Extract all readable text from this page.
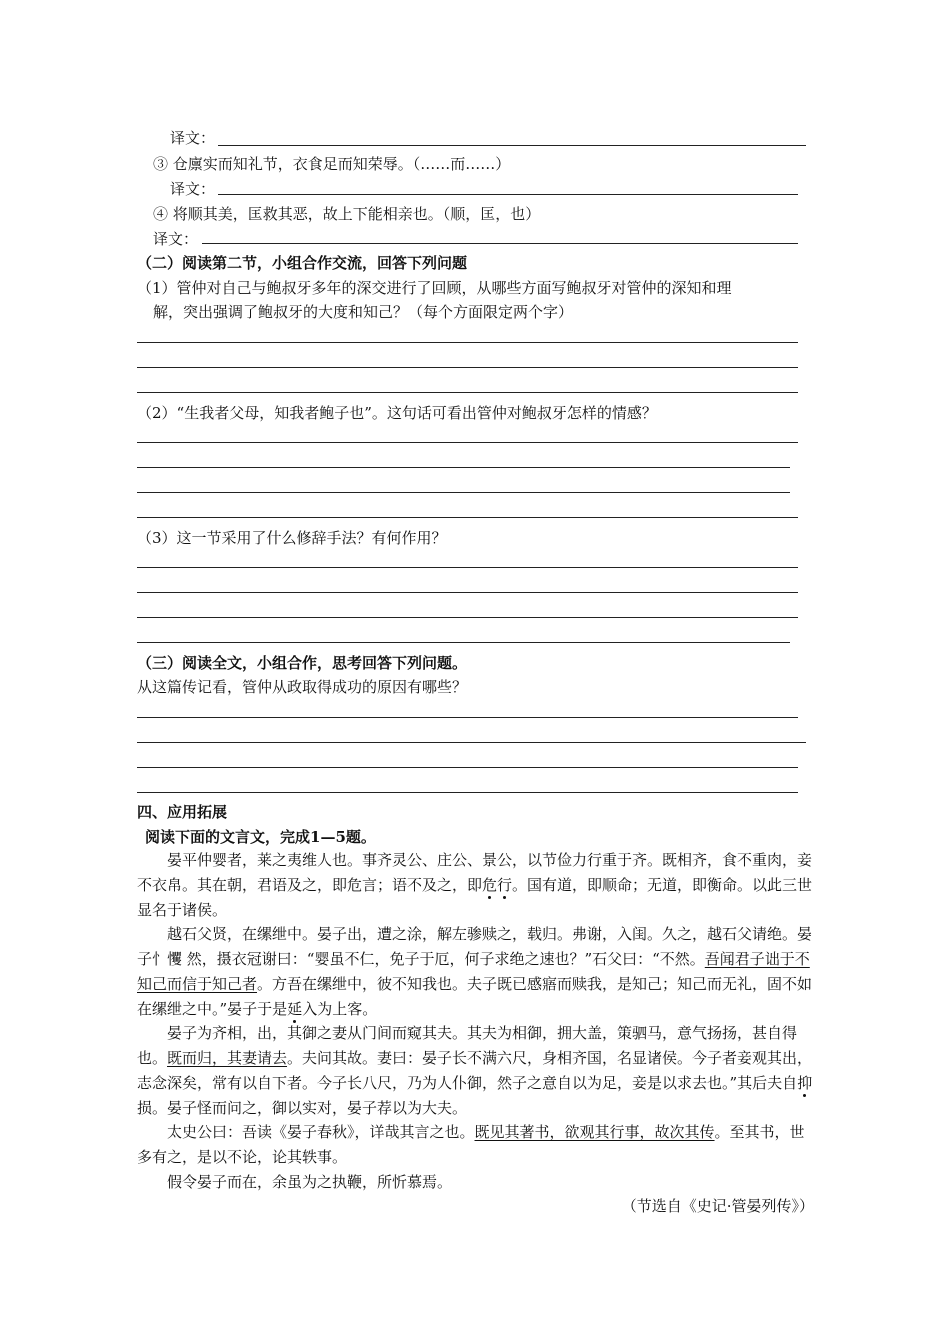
译文：
③ 仓廪实而知礼节，衣食足而知荣辱。（……而……）
译文：
④ 将顺其美，匡救其恶，故上下能相亲也。（顺，匡，也）
译文：
（二）阅读第二节，小组合作交流，回答下列问题
（1）管仲对自己与鲍叔牙多年的深交进行了回顾，从哪些方面写鲍叔牙对管仲的深知和理
解，突出强调了鲍叔牙的大度和知己？（每个方面限定两个字）
（2）“生我者父母，知我者鲍子也”。这句话可看出管仲对鲍叔牙怎样的情感？
（3）这一节采用了什么修辞手法？有何作用？
（三）阅读全文，小组合作，思考回答下列问题。
从这篇传记看，管仲从政取得成功的原因有哪些？
四、应用拓展
阅读下面的文言文，完成1—5题。
晏平仲婴者，莱之夷维人也。事齐灵公、庄公、景公，以节俭力行重于齐。既相齐，食不重肉，妾不衣帛。其在朝，君语及之，即危言；语不及之，即危行。国有道，即顺命；无道，即衡命。以此三世显名于诸侯。
越石父贤，在缧绁中。晏子出，遭之涂，解左骖赎之，载归。弗谢，入闺。久之，越石父请绝。晏子忄戄 然，摄衣冠谢曰：“婴虽不仁，免子于厄，何子求绝之速也？”石父曰：“不然。吾闻君子诎于不知己而信于知己者。方吾在缧绁中，彼不知我也。夫子既已感寤而赎我，是知己；知己而无礼，固不如在缧绁之中。”晏子于是延入为上客。
晏子为齐相，出，其御之妻从门间而窥其夫。其夫为相御，拥大盖，策驷马，意气扬扬，甚自得也。既而归，其妻请去。夫问其故。妻曰：晏子长不满六尺，身相齐国，名显诸侯。今子者妾观其出，志念深矣，常有以自下者。今子长八尺，乃为人仆御，然子之意自以为足，妾是以求去也。”其后夫自抑损。晏子怪而问之，御以实对，晏子荐以为大夫。
太史公曰：吾读《晏子春秋》，详哉其言之也。既见其著书，欲观其行事，故次其传。至其书，世多有之，是以不论，论其轶事。
假令晏子而在，余虽为之执鞭，所忻慕焉。
（节选自《史记·管晏列传》）
